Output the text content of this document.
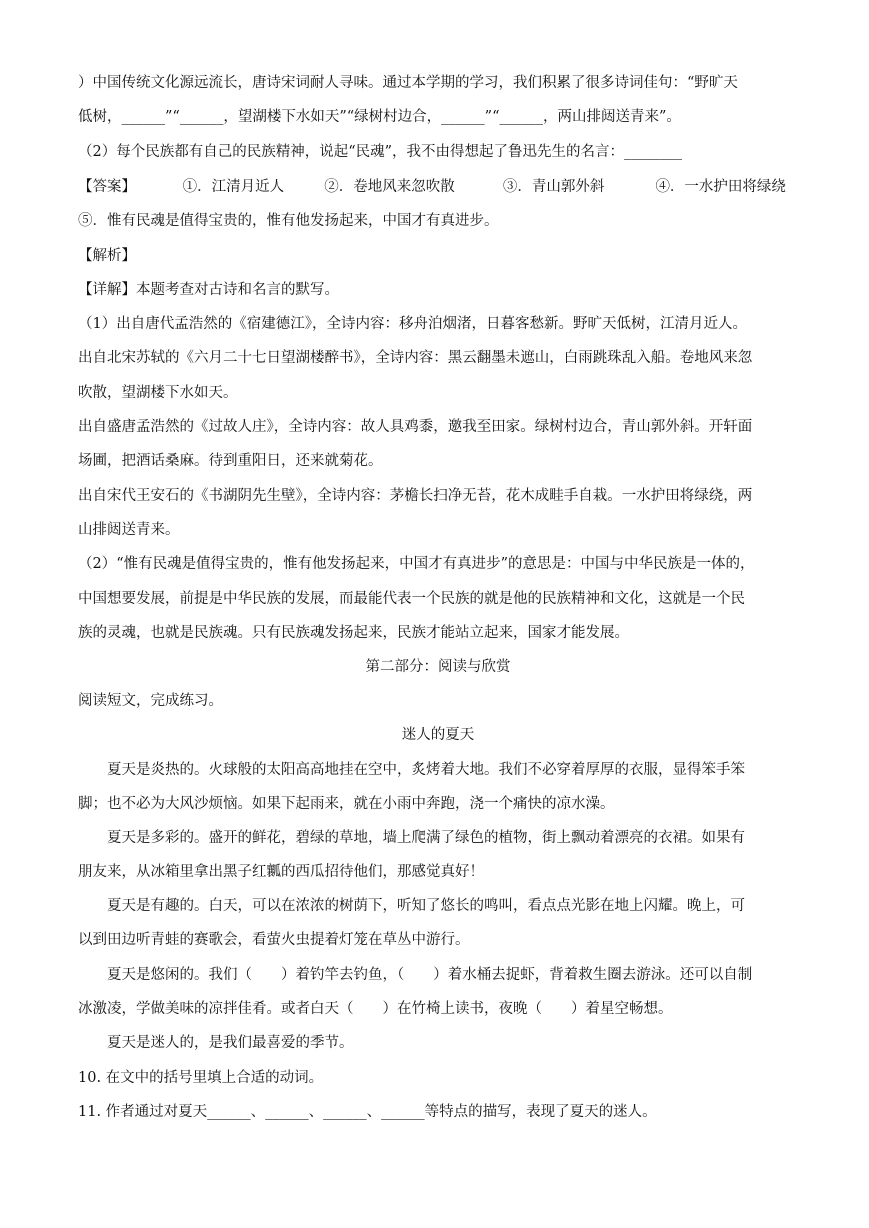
）中国传统文化源远流长，唐诗宋词耐人寻味。通过本学期的学习，我们积累了很多诗词佳句：“野旷天
低树，______”“______，望湖楼下水如天”“绿树村边合，______”“______，两山排闼送青来”。
（2）每个民族都有自己的民族精神，说起“民魂”，我不由得想起了鲁迅先生的名言：________
【答案】	①．江清月近人	②．卷地风来忽吹散	③．青山郭外斜	④．一水护田将绿绕
⑤．惟有民魂是值得宝贵的，惟有他发扬起来，中国才有真进步。
【解析】
【详解】本题考查对古诗和名言的默写。
（1）出自唐代孟浩然的《宿建德江》，全诗内容：移舟泊烟渚，日暮客愁新。野旷天低树，江清月近人。
出自北宋苏轼的《六月二十七日望湖楼醉书》，全诗内容：黑云翻墨未遮山，白雨跳珠乱入船。卷地风来忽
吹散，望湖楼下水如天。
出自盛唐孟浩然的《过故人庄》，全诗内容：故人具鸡黍，邀我至田家。绿树村边合，青山郭外斜。开轩面
场圃，把酒话桑麻。待到重阳日，还来就菊花。
出自宋代王安石的《书湖阴先生壁》，全诗内容：茅檐长扫净无苔，花木成畦手自栽。一水护田将绿绕，两
山排闼送青来。
（2）“惟有民魂是值得宝贵的，惟有他发扬起来，中国才有真进步”的意思是：中国与中华民族是一体的，
中国想要发展，前提是中华民族的发展，而最能代表一个民族的就是他的民族精神和文化，这就是一个民
族的灵魂，也就是民族魂。只有民族魂发扬起来，民族才能站立起来，国家才能发展。
第二部分：阅读与欣赏
阅读短文，完成练习。
迷人的夏天
夏天是炎热的。火球般的太阳高高地挂在空中，炙烤着大地。我们不必穿着厚厚的衣服，显得笨手笨
脚；也不必为大风沙烦恼。如果下起雨来，就在小雨中奔跑，浇一个痛快的凉水澡。
夏天是多彩的。盛开的鲜花，碧绿的草地，墙上爬满了绿色的植物，街上飘动着漂亮的衣裙。如果有
朋友来，从冰箱里拿出黑子红瓤的西瓜招待他们，那感觉真好！
夏天是有趣的。白天，可以在浓浓的树荫下，听知了悠长的鸣叫，看点点光影在地上闪耀。晚上，可
以到田边听青蛙的赛歌会，看萤火虫提着灯笼在草丛中游行。
夏天是悠闲的。我们（　　）着钓竿去钓鱼，（　　）着水桶去捉虾，背着救生圈去游泳。还可以自制
冰激凌，学做美味的凉拌佳肴。或者白天（　　）在竹椅上读书，夜晚（　　）着星空畅想。
夏天是迷人的，是我们最喜爱的季节。
10. 在文中的括号里填上合适的动词。
11. 作者通过对夏天______、______、______、______等特点的描写，表现了夏天的迷人。
